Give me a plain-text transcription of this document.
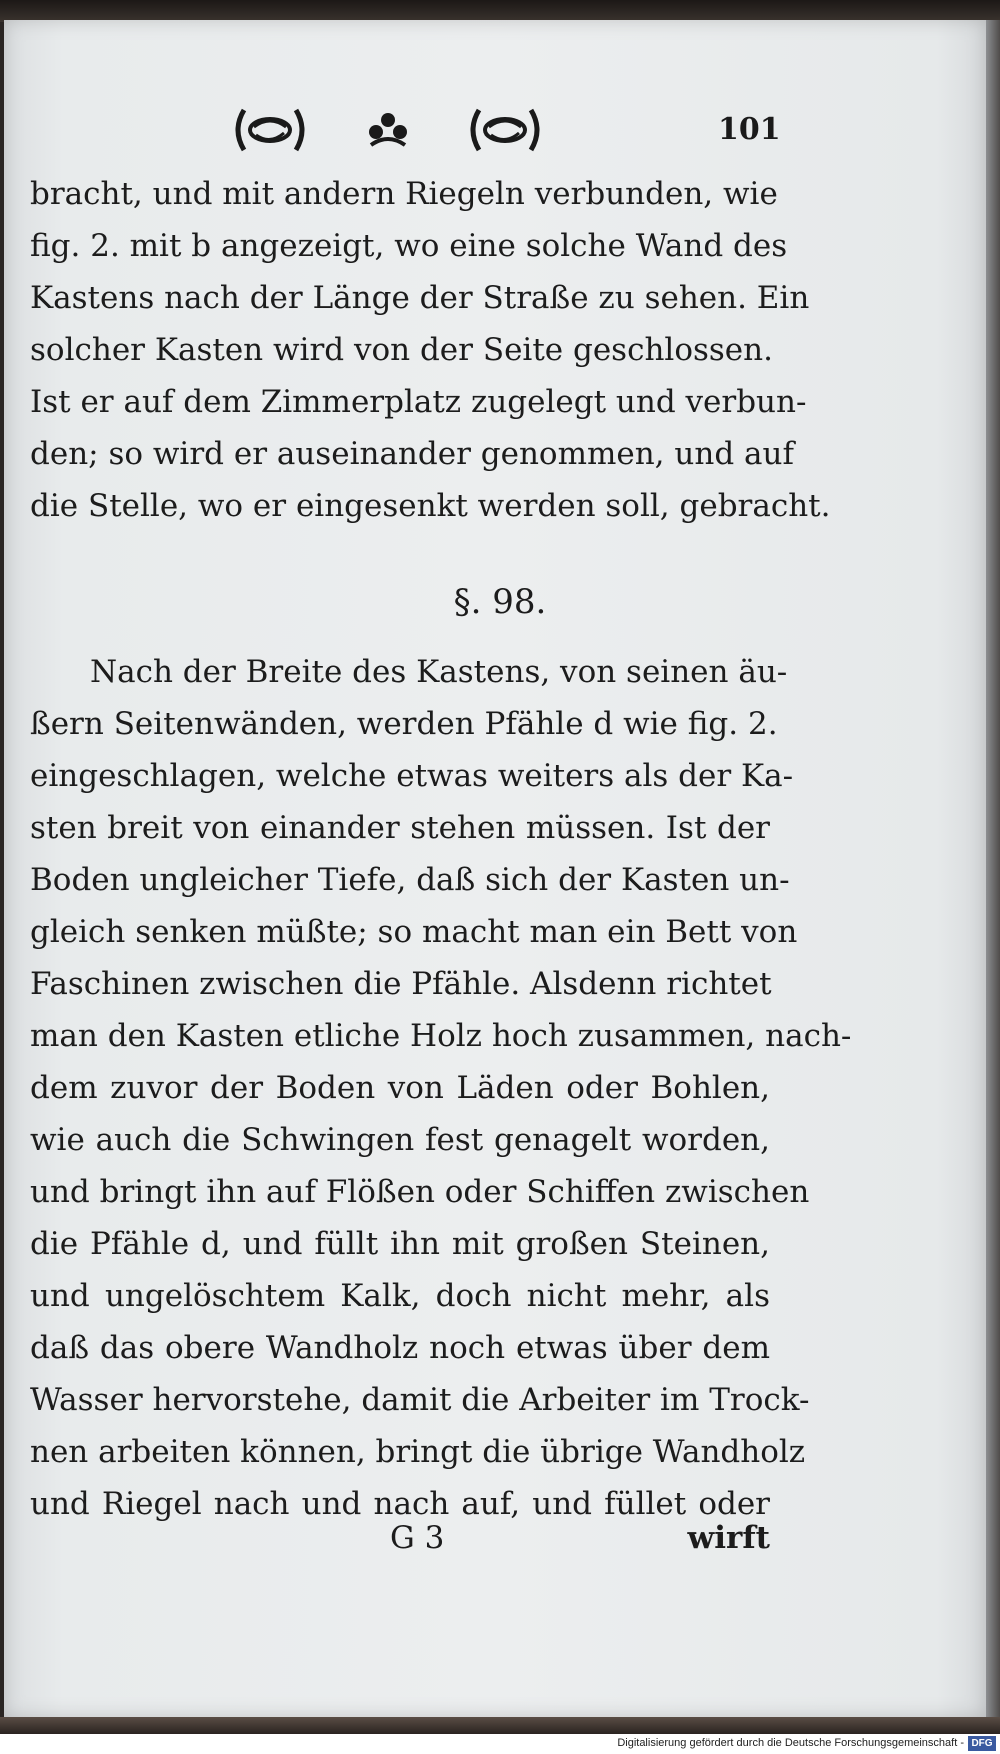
101
bracht, und mit andern Riegeln verbunden, wie
fig. 2. mit b angezeigt, wo eine solche Wand des
Kastens nach der Länge der Straße zu sehen. Ein
solcher Kasten wird von der Seite geschlossen.
Ist er auf dem Zimmerplatz zugelegt und verbun-
den; so wird er auseinander genommen, und auf
die Stelle, wo er eingesenkt werden soll, gebracht.
§. 98.
Nach der Breite des Kastens, von seinen äu-
ßern Seitenwänden, werden Pfähle d wie fig. 2.
eingeschlagen, welche etwas weiters als der Ka-
sten breit von einander stehen müssen. Ist der
Boden ungleicher Tiefe, daß sich der Kasten un-
gleich senken müßte; so macht man ein Bett von
Faschinen zwischen die Pfähle. Alsdenn richtet
man den Kasten etliche Holz hoch zusammen, nach-
dem zuvor der Boden von Läden oder Bohlen,
wie auch die Schwingen fest genagelt worden,
und bringt ihn auf Flößen oder Schiffen zwischen
die Pfähle d, und füllt ihn mit großen Steinen,
und ungelöschtem Kalk, doch nicht mehr, als
daß das obere Wandholz noch etwas über dem
Wasser hervorstehe, damit die Arbeiter im Trock-
nen arbeiten können, bringt die übrige Wandholz
und Riegel nach und nach auf, und füllet oder
G 3	wirft
Digitalisierung gefördert durch die Deutsche Forschungsgemeinschaft - DFG
